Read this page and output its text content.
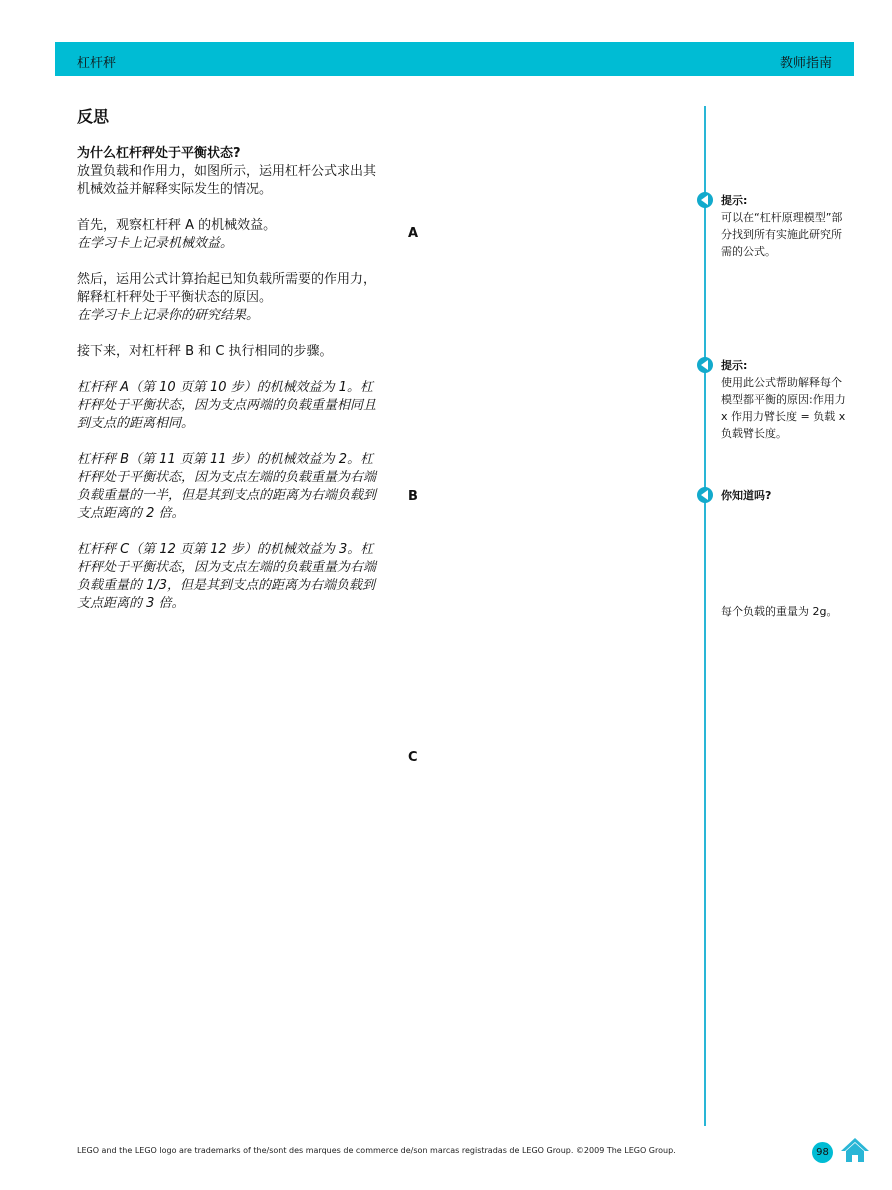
杠杆秤	教师指南
反思
为什么杠杆秤处于平衡状态?

放置负载和作用力，如图所示，运用杠杆公式求出其机械效益并解释实际发生的情况。

首先，观察杠杆秤 A 的机械效益。

在学习卡上记录机械效益。

然后，运用公式计算抬起已知负载所需要的作用力，解释杠杆秤处于平衡状态的原因。

在学习卡上记录你的研究结果。

接下来，对杠杆秤 B 和 C 执行相同的步骤。

杠杆秤 A（第 10 页第 10 步）的机械效益为 1。杠杆秤处于平衡状态，因为支点两端的负载重量相同且到支点的距离相同。

杠杆秤 B（第 11 页第 11 步）的机械效益为 2。杠杆秤处于平衡状态，因为支点左端的负载重量为右端负载重量的一半，但是其到支点的距离为右端负载到支点距离的 2 倍。

杠杆秤 C（第 12 页第 12 步）的机械效益为 3。杠杆秤处于平衡状态，因为支点左端的负载重量为右端负载重量的 1/3，但是其到支点的距离为右端负载到支点距离的 3 倍。

A
B
C
提示:
可以在“杠杆原理模型”部分找到所有实施此研究所需的公式。
提示:
使用此公式帮助解释每个模型都平衡的原因:作用力 x 作用力臂长度 = 负载 x 负载臂长度。
你知道吗?
每个负载的重量为 2g。
LEGO and the LEGO logo are trademarks of the/sont des marques de commerce de/son marcas registradas de LEGO Group. ©2009 The LEGO Group.	98
